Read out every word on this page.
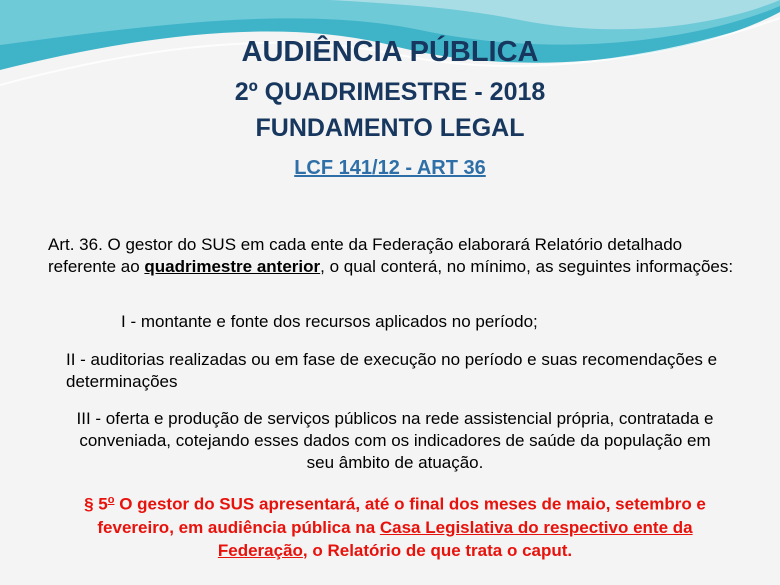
AUDIÊNCIA PÚBLICA
2º QUADRIMESTRE - 2018
FUNDAMENTO LEGAL
LCF 141/12 - ART 36
Art. 36. O gestor do SUS em cada ente da Federação elaborará Relatório detalhado referente ao quadrimestre anterior, o qual conterá, no mínimo, as seguintes informações:
I - montante e fonte dos recursos aplicados no período;
II - auditorias realizadas ou em fase de execução no período e suas recomendações e determinações
III - oferta e produção de serviços públicos na rede assistencial própria, contratada e conveniada, cotejando esses dados com os indicadores de saúde da população em seu âmbito de atuação.
§ 5$^o$ O gestor do SUS apresentará, até o final dos meses de maio, setembro e fevereiro, em audiência pública na Casa Legislativa do respectivo ente da Federação, o Relatório de que trata o caput.
